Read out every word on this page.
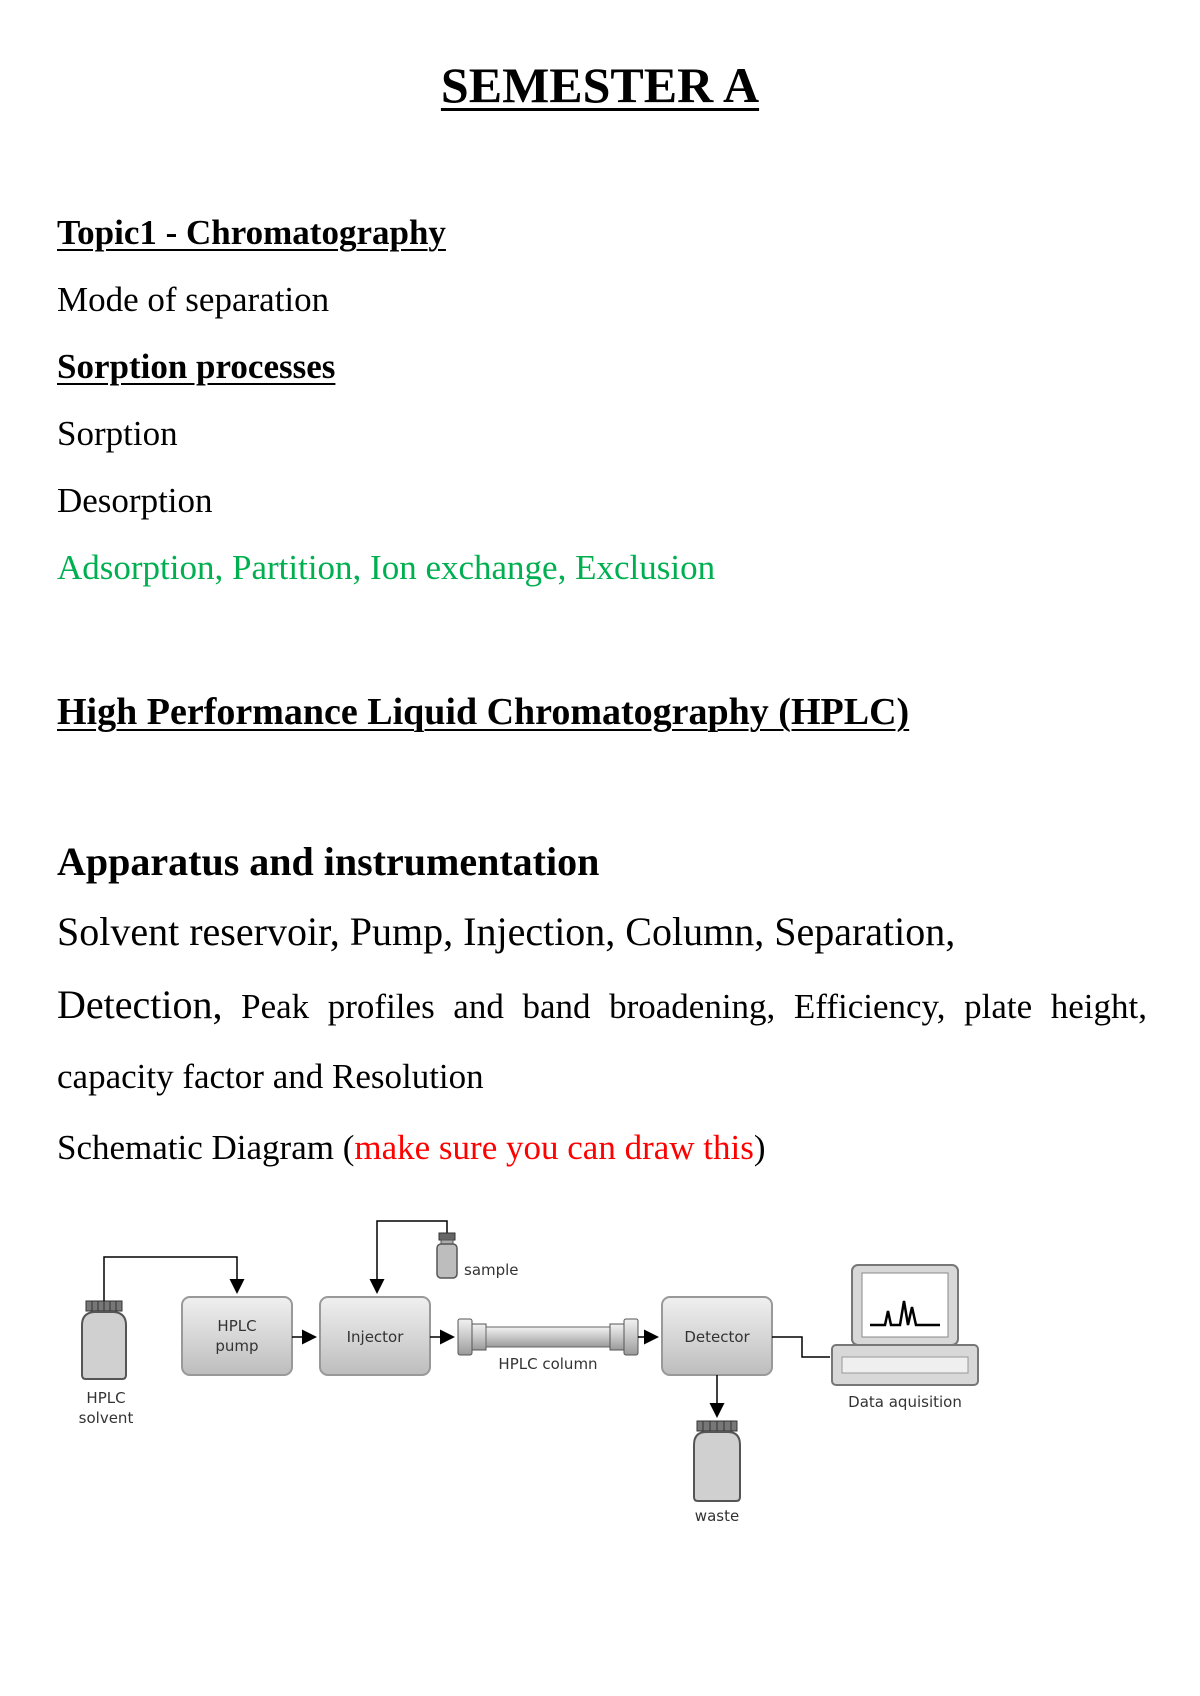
SEMESTER A
Topic1 - Chromatography
Mode of separation
Sorption processes
Sorption
Desorption
Adsorption, Partition, Ion exchange, Exclusion
High Performance Liquid Chromatography (HPLC)
Apparatus and instrumentation
Solvent reservoir, Pump, Injection, Column, Separation,
Detection, Peak profiles and band broadening, Efficiency, plate height, capacity factor and Resolution
Schematic Diagram (make sure you can draw this)
HPLC
solvent
HPLC
pump	Injector
sample
HPLC column
Detector
waste
Data aquisition
